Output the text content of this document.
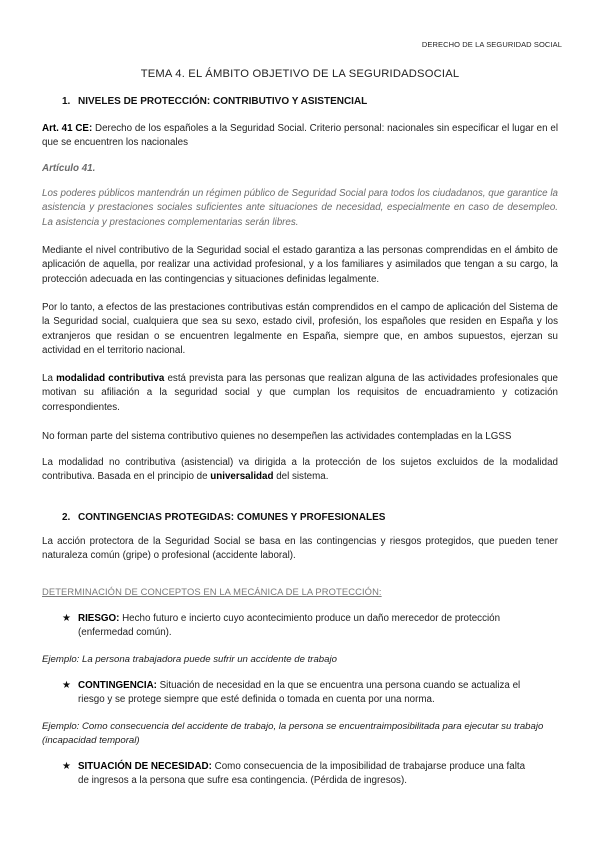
DERECHO DE LA SEGURIDAD SOCIAL
TEMA 4. EL ÁMBITO OBJETIVO DE LA SEGURIDADSOCIAL
1. NIVELES DE PROTECCIÓN: CONTRIBUTIVO Y ASISTENCIAL
Art. 41 CE: Derecho de los españoles a la Seguridad Social. Criterio personal: nacionales sin especificar el lugar en el que se encuentren los nacionales
Artículo 41.
Los poderes públicos mantendrán un régimen público de Seguridad Social para todos los ciudadanos, que garantice la asistencia y prestaciones sociales suficientes ante situaciones de necesidad, especialmente en caso de desempleo. La asistencia y prestaciones complementarias serán libres.
Mediante el nivel contributivo de la Seguridad social el estado garantiza a las personas comprendidas en el ámbito de aplicación de aquella, por realizar una actividad profesional, y a los familiares y asimilados que tengan a su cargo, la protección adecuada en las contingencias y situaciones definidas legalmente.
Por lo tanto, a efectos de las prestaciones contributivas están comprendidos en el campo de aplicación del Sistema de la Seguridad social, cualquiera que sea su sexo, estado civil, profesión, los españoles que residen en España y los extranjeros que residan o se encuentren legalmente en España, siempre que, en ambos supuestos, ejerzan su actividad en el territorio nacional.
La modalidad contributiva está prevista para las personas que realizan alguna de las actividades profesionales que motivan su afiliación a la seguridad social y que cumplan los requisitos de encuadramiento y cotización correspondientes.
No forman parte del sistema contributivo quienes no desempeñen las actividades contempladas en la LGSS
La modalidad no contributiva (asistencial) va dirigida a la protección de los sujetos excluidos de la modalidad contributiva. Basada en el principio de universalidad del sistema.
2. CONTINGENCIAS PROTEGIDAS: COMUNES Y PROFESIONALES
La acción protectora de la Seguridad Social se basa en las contingencias y riesgos protegidos, que pueden tener naturaleza común (gripe) o profesional (accidente laboral).
DETERMINACIÓN DE CONCEPTOS EN LA MECÁNICA DE LA PROTECCIÓN:
★ RIESGO: Hecho futuro e incierto cuyo acontecimiento produce un daño merecedor de protección
(enfermedad común).
Ejemplo: La persona trabajadora puede sufrir un accidente de trabajo
★ CONTINGENCIA: Situación de necesidad en la que se encuentra una persona cuando se actualiza el
riesgo y se protege siempre que esté definida o tomada en cuenta por una norma.
Ejemplo: Como consecuencia del accidente de trabajo, la persona se encuentraimposibilitada para ejecutar su trabajo (incapacidad temporal)
★ SITUACIÓN DE NECESIDAD: Como consecuencia de la imposibilidad de trabajarse produce una falta
de ingresos a la persona que sufre esa contingencia. (Pérdida de ingresos).
